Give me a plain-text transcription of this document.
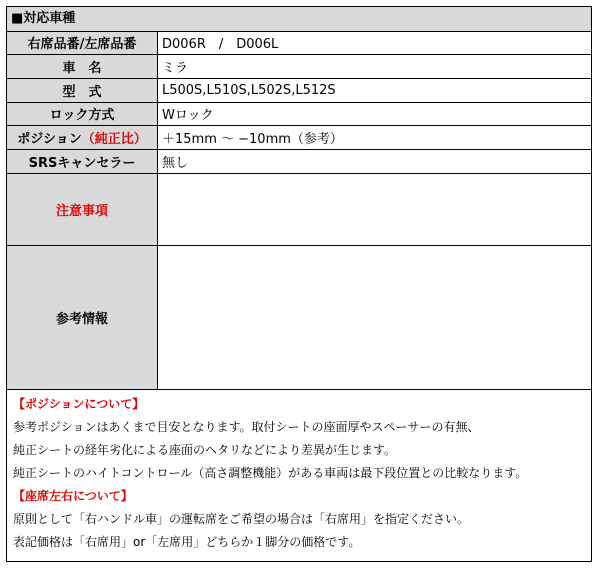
■対応車種
右席品番/左席品番	D006R　/　D006L
車　名	ミラ
型　式	L500S,L510S,L502S,L512S
ロック方式	Wロック
ポジション（純正比）	＋15mm 〜 −10mm（参考）
SRSキャンセラー	無し
注意事項	
参考情報	
【ポジションについて】
参考ポジションはあくまで目安となります。取付シートの座面厚やスペーサーの有無、
純正シートの経年劣化による座面のヘタリなどにより差異が生じます。
純正シートのハイトコントロール（高さ調整機能）がある車両は最下段位置との比較なります。
【座席左右について】
原則として「右ハンドル車」の運転席をご希望の場合は「右席用」を指定ください。
表記価格は「右席用」or「左席用」どちらか１脚分の価格です。
